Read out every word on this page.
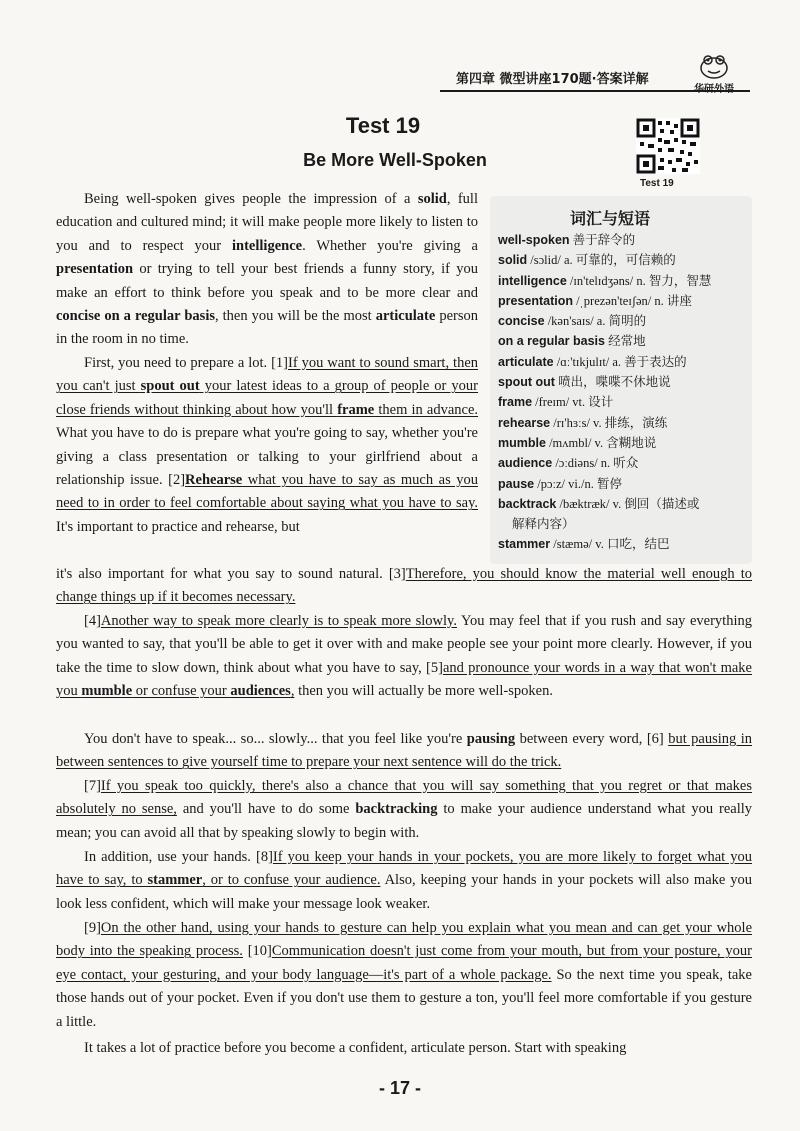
第四章 微型讲座170题·答案详解
华研外语
Test 19
Be More Well-Spoken
Test 19
词汇与短语
well-spoken 善于辞令的
solid /sɔlid/ a. 可靠的，可信赖的
intelligence /ɪn'telɪdʒəns/ n. 智力，智慧
presentation /ˌprezən'teɪʃən/ n. 讲座
concise /kən'saɪs/ a. 简明的
on a regular basis 经常地
articulate /ɑː'tɪkjulɪt/ a. 善于表达的
spout out 喷出，喋喋不休地说
frame /freɪm/ vt. 设计
rehearse /rɪ'hɜːs/ v. 排练，演练
mumble /mʌmbl/ v. 含糊地说
audience /ɔːdiəns/ n. 听众
pause /pɔːz/ vi./n. 暂停
backtrack /bæktræk/ v. 倒回（描述或
解释内容）
stammer /stæmə/ v. 口吃，结巴

Being well-spoken gives people the impression of a solid, full education and cultured mind; it will make people more likely to listen to you and to respect your intelligence. Whether you're giving a presentation or trying to tell your best friends a funny story, if you make an effort to think before you speak and to be more clear and concise on a regular basis, then you will be the most articulate person in the room in no time.

First, you need to prepare a lot. [1]If you want to sound smart, then you can't just spout out your latest ideas to a group of people or your close friends without thinking about how you'll frame them in advance. What you have to do is prepare what you're going to say, whether you're giving a class presentation or talking to your girlfriend about a relationship issue. [2]Rehearse what you have to say as much as you need to in order to feel comfortable about saying what you have to say. It's important to practice and rehearse, but

it's also important for what you say to sound natural. [3]Therefore, you should know the material well enough to change things up if it becomes necessary.

[4]Another way to speak more clearly is to speak more slowly. You may feel that if you rush and say everything you wanted to say, that you'll be able to get it over with and make people see your point more clearly. However, if you take the time to slow down, think about what you have to say, [5]and pronounce your words in a way that won't make you mumble or confuse your audiences, then you will actually be more well-spoken.

You don't have to speak... so... slowly... that you feel like you're pausing between every word, [6] but pausing in between sentences to give yourself time to prepare your next sentence will do the trick.

[7]If you speak too quickly, there's also a chance that you will say something that you regret or that makes absolutely no sense, and you'll have to do some backtracking to make your audience understand what you really mean; you can avoid all that by speaking slowly to begin with.

In addition, use your hands. [8]If you keep your hands in your pockets, you are more likely to forget what you have to say, to stammer, or to confuse your audience. Also, keeping your hands in your pockets will also make you look less confident, which will make your message look weaker.

[9]On the other hand, using your hands to gesture can help you explain what you mean and can get your whole body into the speaking process. [10]Communication doesn't just come from your mouth, but from your posture, your eye contact, your gesturing, and your body language—it's part of a whole package. So the next time you speak, take those hands out of your pocket. Even if you don't use them to gesture a ton, you'll feel more comfortable if you gesture a little.

It takes a lot of practice before you become a confident, articulate person. Start with speaking

- 17 -
